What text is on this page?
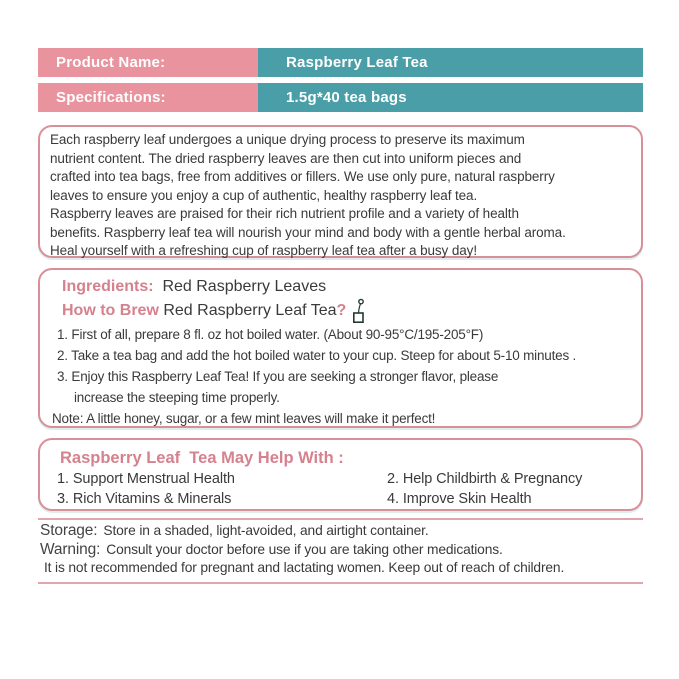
Product Name:	Raspberry Leaf Tea
Specifications:	1.5g*40 tea bags
Each raspberry leaf undergoes a unique drying process to preserve its maximum
nutrient content. The dried raspberry leaves are then cut into uniform pieces and
crafted into tea bags, free from additives or fillers. We use only pure, natural raspberry
leaves to ensure you enjoy a cup of authentic, healthy raspberry leaf tea.
Raspberry leaves are praised for their rich nutrient profile and a variety of health
benefits. Raspberry leaf tea will nourish your mind and body with a gentle herbal aroma.
Heal yourself with a refreshing cup of raspberry leaf tea after a busy day!
Ingredients: Red Raspberry Leaves
How to Brew
Red Raspberry Leaf Tea ?
1. First of all, prepare 8 fl. oz hot boiled water. (About 90-95°C/195-205°F)
2. Take a tea bag and add the hot boiled water to your cup. Steep for about 5-10 minutes .
3. Enjoy this Raspberry Leaf Tea! If you are seeking a stronger flavor, please
increase the steeping time properly.
Note: A little honey, sugar, or a few mint leaves will make it perfect!
Raspberry Leaf  Tea May Help With :
1. Support Menstrual Health	2. Help Childbirth & Pregnancy
3. Rich Vitamins & Minerals	4. Improve Skin Health
Storage: Store in a shaded, light-avoided, and airtight container.
Warning: Consult your doctor before use if you are taking other medications.
It is not recommended for pregnant and lactating women. Keep out of reach of children.
